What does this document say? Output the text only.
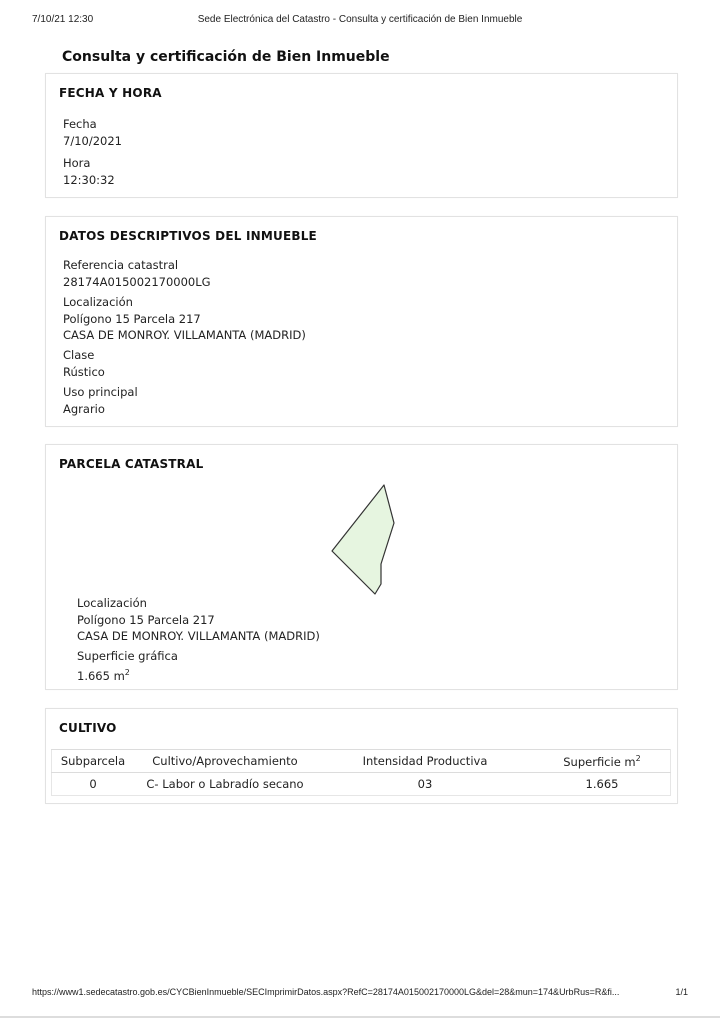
7/10/21 12:30	Sede Electrónica del Catastro - Consulta y certificación de Bien Inmueble
Consulta y certificación de Bien Inmueble
FECHA Y HORA
Fecha
7/10/2021
Hora
12:30:32
DATOS DESCRIPTIVOS DEL INMUEBLE
Referencia catastral
28174A015002170000LG
Localización
Polígono 15 Parcela 217
CASA DE MONROY. VILLAMANTA (MADRID)
Clase
Rústico
Uso principal
Agrario
PARCELA CATASTRAL
Localización
Polígono 15 Parcela 217
CASA DE MONROY. VILLAMANTA (MADRID)
Superficie gráfica
1.665 $m^2$
CULTIVO
Subparcela	Cultivo/Aprovechamiento	Intensidad Productiva	Superficie $m^2$
0	C- Labor o Labradío secano	03	1.665
https://www1.sedecatastro.gob.es/CYCBienInmueble/SECImprimirDatos.aspx?RefC=28174A015002170000LG&del=28&mun=174&UrbRus=R&fi...	1/1
